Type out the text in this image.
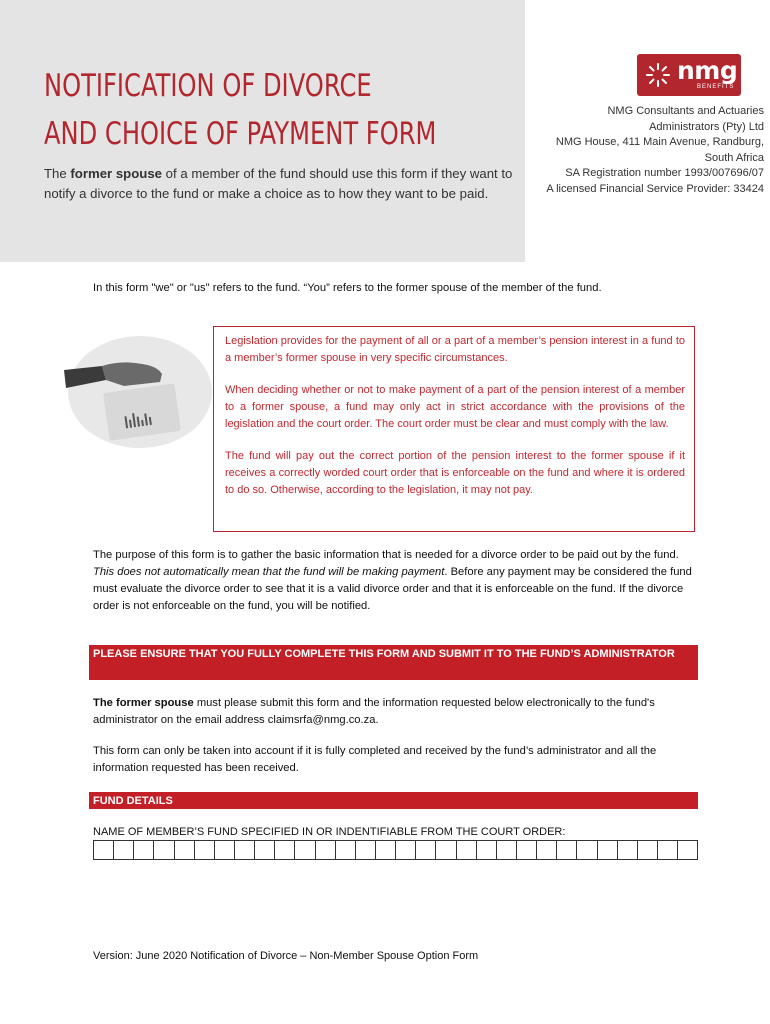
NOTIFICATION OF DIVORCE
AND CHOICE OF PAYMENT FORM
The former spouse of a member of the fund should use this form if they want to notify a divorce to the fund or make a choice as to how they want to be paid.
nmg
BENEFITS
NMG Consultants and Actuaries
Administrators (Pty) Ltd
NMG House, 411 Main Avenue, Randburg,
South Africa
SA Registration number 1993/007696/07
A licensed Financial Service Provider: 33424
In this form "we" or "us" refers to the fund. “You” refers to the former spouse of the member of the fund.

Legislation provides for the payment of all or a part of a member’s pension interest in a fund to a member’s former spouse in very specific circumstances.

When deciding whether or not to make payment of a part of the pension interest of a member to a former spouse, a fund may only act in strict accordance with the provisions of the legislation and the court order. The court order must be clear and must comply with the law.

The fund will pay out the correct portion of the pension interest to the former spouse if it receives a correctly worded court order that is enforceable on the fund and where it is ordered to do so. Otherwise, according to the legislation, it may not pay.

The purpose of this form is to gather the basic information that is needed for a divorce order to be paid out by the fund. This does not automatically mean that the fund will be making payment. Before any payment may be considered the fund must evaluate the divorce order to see that it is a valid divorce order and that it is enforceable on the fund. If the divorce order is not enforceable on the fund, you will be notified.
PLEASE ENSURE THAT YOU FULLY COMPLETE THIS FORM AND SUBMIT IT TO THE FUND’S ADMINISTRATOR
The former spouse must please submit this form and the information requested below electronically to the fund's administrator on the email address claimsrfa@nmg.co.za.
This form can only be taken into account if it is fully completed and received by the fund’s administrator and all the information requested has been received.
FUND DETAILS
NAME OF MEMBER’S FUND SPECIFIED IN OR INDENTIFIABLE FROM THE COURT ORDER:
Version: June 2020 Notification of Divorce – Non-Member Spouse Option Form
